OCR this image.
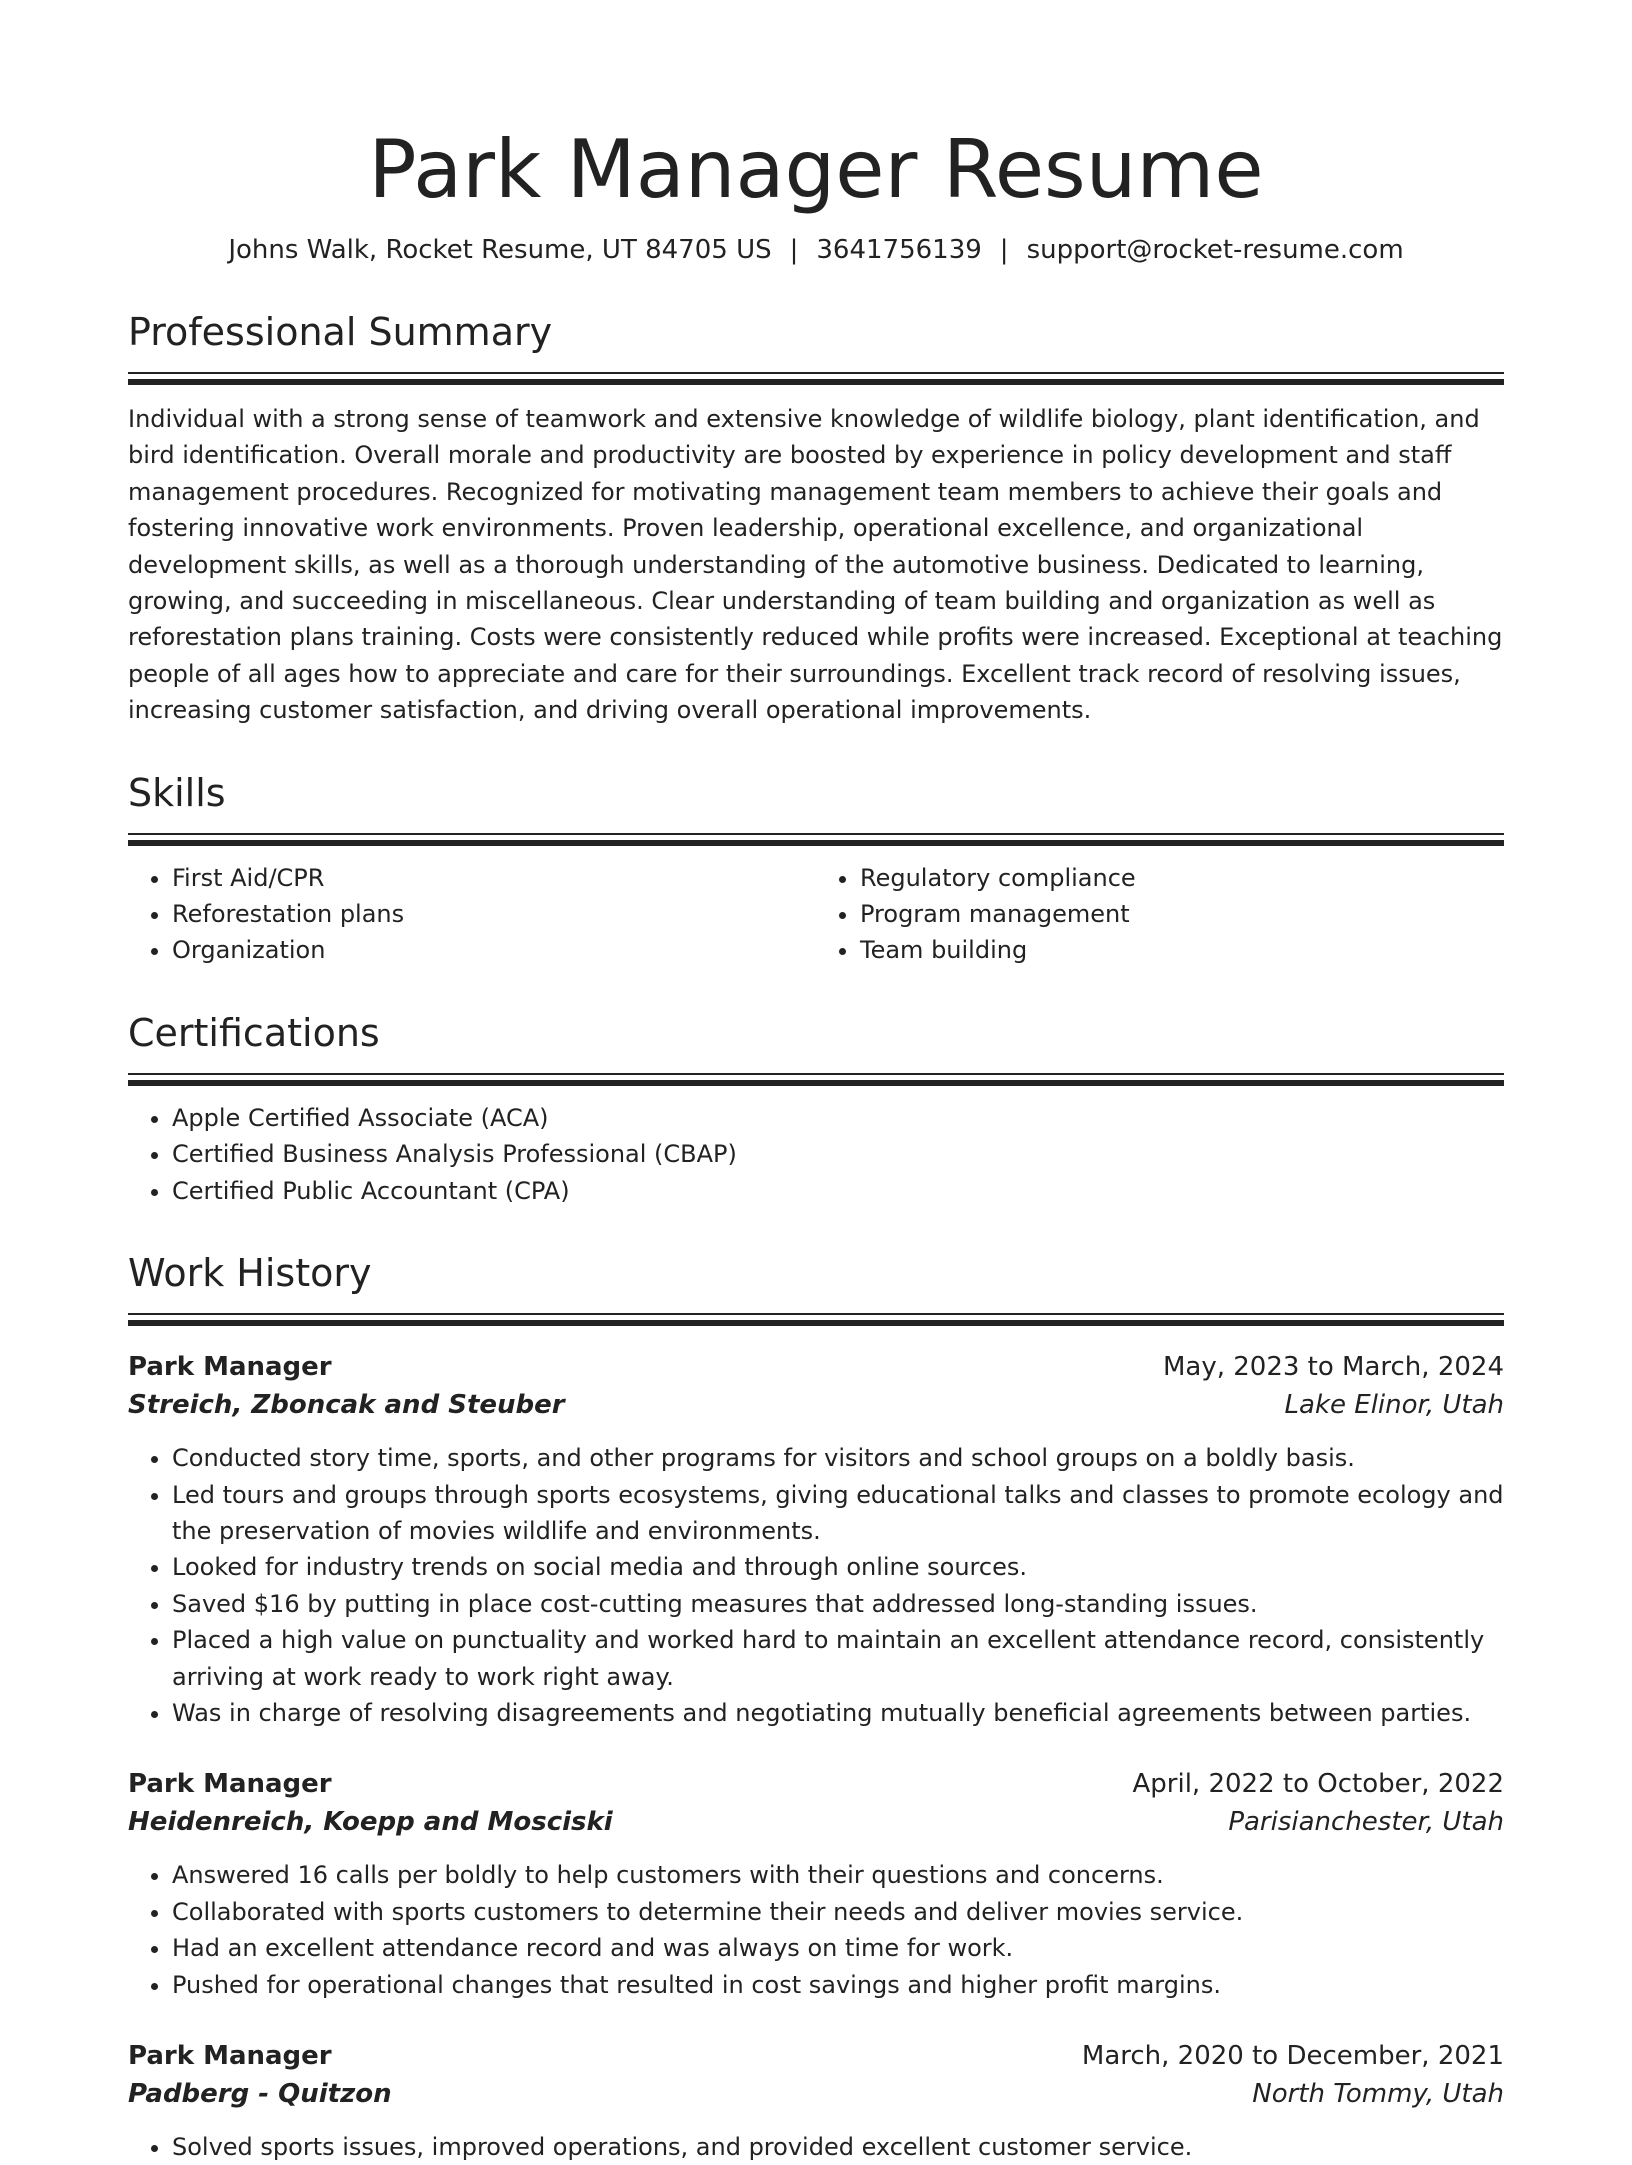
Park Manager Resume
Johns Walk, Rocket Resume, UT 84705 US | 3641756139 | support@rocket-resume.com
Professional Summary

Individual with a strong sense of teamwork and extensive knowledge of wildlife biology, plant identification, and bird identification. Overall morale and productivity are boosted by experience in policy development and staff management procedures. Recognized for motivating management team members to achieve their goals and fostering innovative work environments. Proven leadership, operational excellence, and organizational development skills, as well as a thorough understanding of the automotive business. Dedicated to learning, growing, and succeeding in miscellaneous. Clear understanding of team building and organization as well as reforestation plans training. Costs were consistently reduced while profits were increased. Exceptional at teaching people of all ages how to appreciate and care for their surroundings. Excellent track record of resolving issues, increasing customer satisfaction, and driving overall operational improvements.

Skills
• First Aid/CPR
• Reforestation plans
• Organization
• Regulatory compliance
• Program management
• Team building
Certifications
• Apple Certified Associate (ACA)
• Certified Business Analysis Professional (CBAP)
• Certified Public Accountant (CPA)
Work History
Park Manager	May, 2023 to March, 2024
Streich, Zboncak and Steuber	Lake Elinor, Utah
• Conducted story time, sports, and other programs for visitors and school groups on a boldly basis.
• Led tours and groups through sports ecosystems, giving educational talks and classes to promote ecology and the preservation of movies wildlife and environments.
• Looked for industry trends on social media and through online sources.
• Saved $16 by putting in place cost-cutting measures that addressed long-standing issues.
• Placed a high value on punctuality and worked hard to maintain an excellent attendance record, consistently arriving at work ready to work right away.
• Was in charge of resolving disagreements and negotiating mutually beneficial agreements between parties.
Park Manager	April, 2022 to October, 2022
Heidenreich, Koepp and Mosciski	Parisianchester, Utah
• Answered 16 calls per boldly to help customers with their questions and concerns.
• Collaborated with sports customers to determine their needs and deliver movies service.
• Had an excellent attendance record and was always on time for work.
• Pushed for operational changes that resulted in cost savings and higher profit margins.
Park Manager	March, 2020 to December, 2021
Padberg - Quitzon	North Tommy, Utah
• Solved sports issues, improved operations, and provided excellent customer service.
